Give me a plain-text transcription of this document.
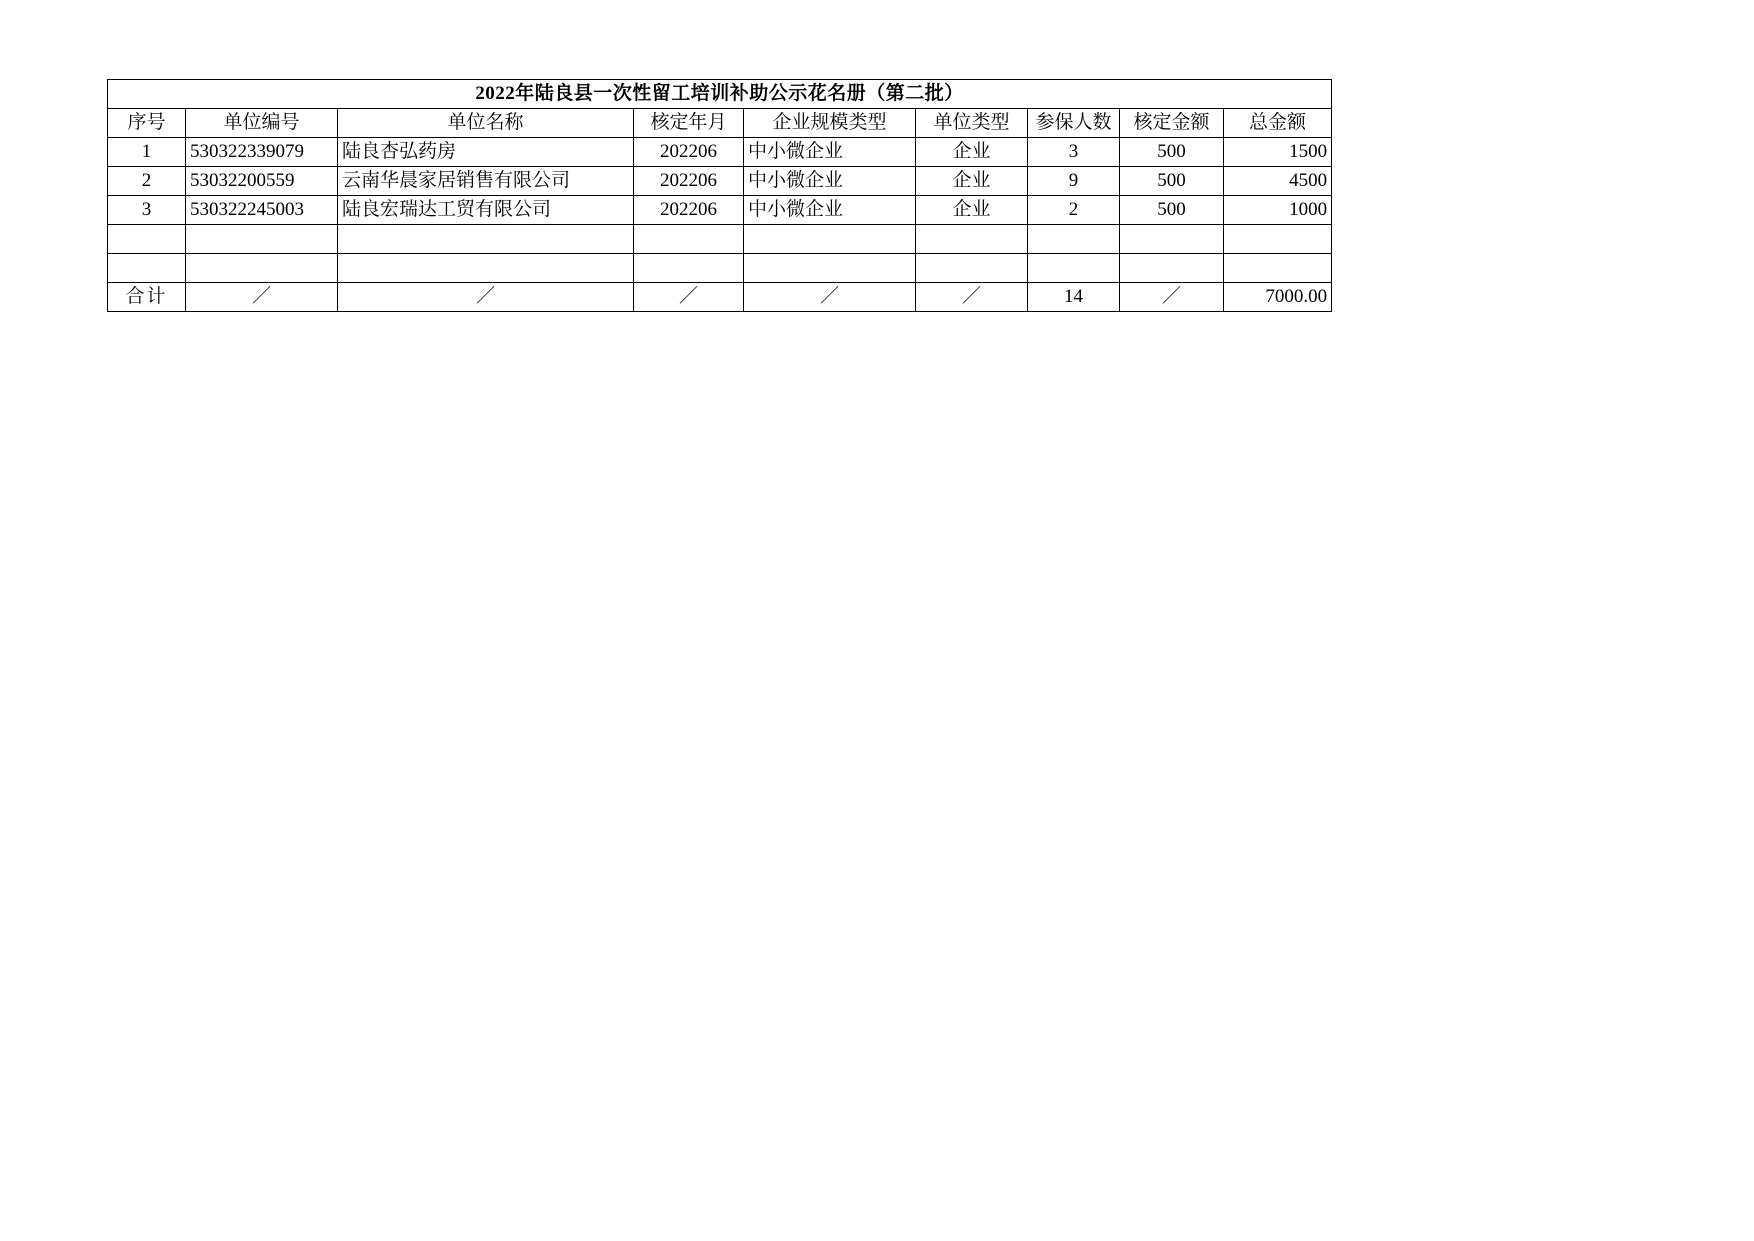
2022年陆良县一次性留工培训补助公示花名册（第二批）								
序号	单位编号	单位名称	核定年月	企业规模类型	单位类型	参保人数	核定金额	总金额
1	530322339079	陆良杏弘药房	202206	中小微企业	企业	3	500	1500
2	53032200559	云南华晨家居销售有限公司	202206	中小微企业	企业	9	500	4500
3	530322245003	陆良宏瑞达工贸有限公司	202206	中小微企业	企业	2	500	1000

合计	／	／	／	／	／	14	／	7000.00
